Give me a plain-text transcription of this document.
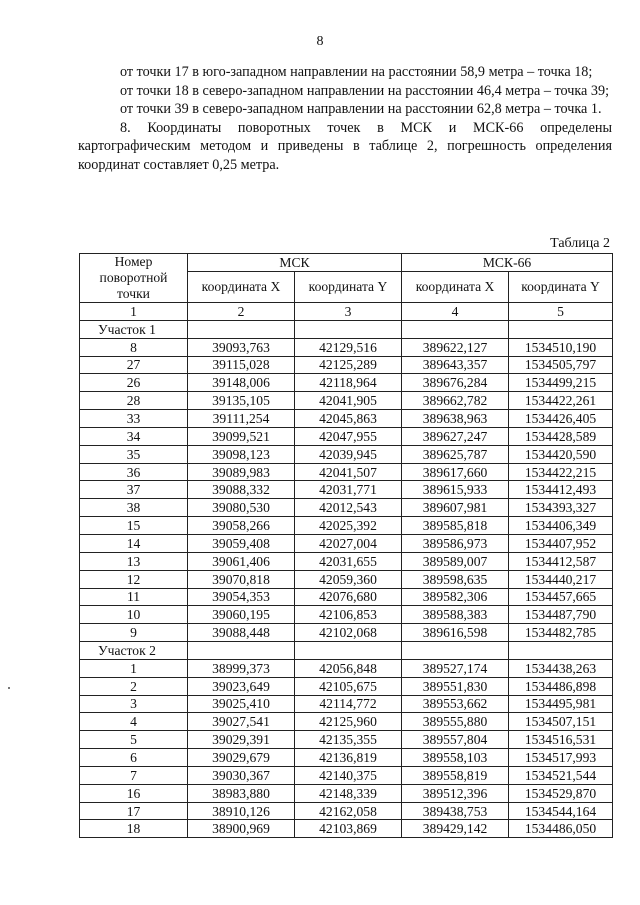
8

от точки 17 в юго-западном направлении на расстоянии 58,9 метра – точка 18;

от точки 18 в северо-западном направлении на расстоянии 46,4 метра – точка 39;

от точки 39 в северо-западном направлении на расстоянии 62,8 метра – точка 1.

8. Координаты поворотных точек в МСК и МСК-66 определены картографическим методом и приведены в таблице 2, погрешность определения координат составляет 0,25 метра.

Таблица 2
Номер поворотной точки	МСК		МСК-66	

	координата X	координата Y	координата X	координата Y

1	2	3	4	5
Участок 1				
8	39093,763	42129,516	389622,127	1534510,190
27	39115,028	42125,289	389643,357	1534505,797
26	39148,006	42118,964	389676,284	1534499,215
28	39135,105	42041,905	389662,782	1534422,261
33	39111,254	42045,863	389638,963	1534426,405
34	39099,521	42047,955	389627,247	1534428,589
35	39098,123	42039,945	389625,787	1534420,590
36	39089,983	42041,507	389617,660	1534422,215
37	39088,332	42031,771	389615,933	1534412,493
38	39080,530	42012,543	389607,981	1534393,327
15	39058,266	42025,392	389585,818	1534406,349
14	39059,408	42027,004	389586,973	1534407,952
13	39061,406	42031,655	389589,007	1534412,587
12	39070,818	42059,360	389598,635	1534440,217
11	39054,353	42076,680	389582,306	1534457,665
10	39060,195	42106,853	389588,383	1534487,790
9	39088,448	42102,068	389616,598	1534482,785
Участок 2				
1	38999,373	42056,848	389527,174	1534438,263
2	39023,649	42105,675	389551,830	1534486,898
3	39025,410	42114,772	389553,662	1534495,981
4	39027,541	42125,960	389555,880	1534507,151
5	39029,391	42135,355	389557,804	1534516,531
6	39029,679	42136,819	389558,103	1534517,993
7	39030,367	42140,375	389558,819	1534521,544
16	38983,880	42148,339	389512,396	1534529,870
17	38910,126	42162,058	389438,753	1534544,164
18	38900,969	42103,869	389429,142	1534486,050
